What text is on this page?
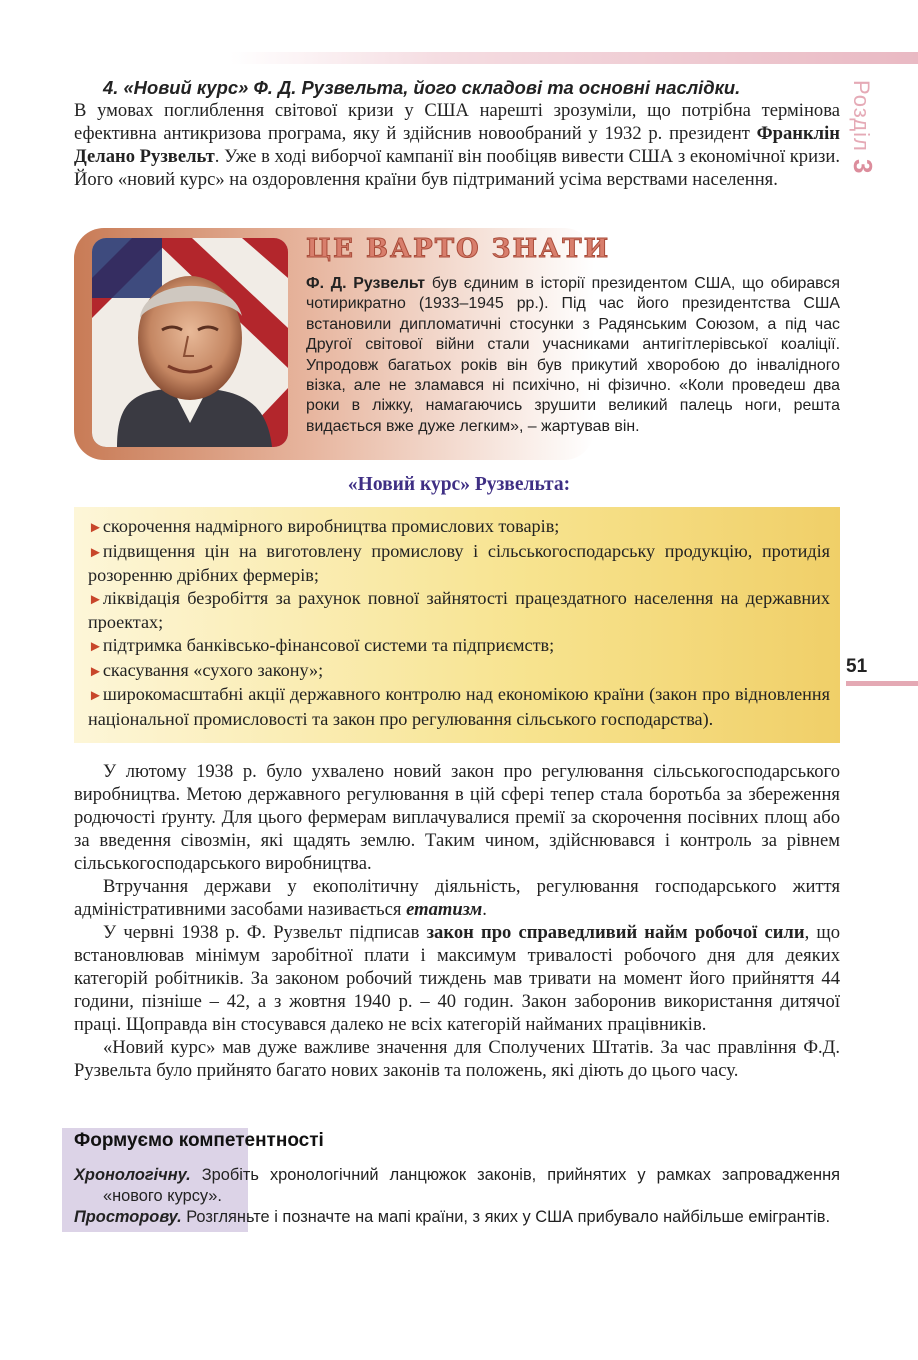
Розділ 3
51

4. «Новий курс» Ф. Д. Рузвельта, його складові та основні наслідки.

В умовах поглиблення світової кризи у США нарешті зрозуміли, що потрібна термінова ефективна антикризова програма, яку й здійснив новообраний у 1932 р. президент Франклін Делано Рузвельт. Уже в ході виборчої кампанії він пообіцяв вивести США з економічної кризи. Його «новий курс» на оздоровлення країни був підтриманий усіма верствами населення.

ЦЕ ВАРТО ЗНАТИ
Ф. Д. Рузвельт був єдиним в історії президентом США, що обирався чотирикратно (1933–1945 рр.). Під час його президентства США встановили дипломатичні стосунки з Радянським Союзом, а під час Другої світової війни стали учасниками антигітлерівської коаліції. Упродовж багатьох років він був прикутий хворобою до інвалідного візка, але не зламався ні психічно, ні фізично. «Коли проведеш два роки в ліжку, намагаючись зрушити великий палець ноги, решта видається вже дуже легким», – жартував він.
«Новий курс» Рузвельта:
►скорочення надмірного виробництва промислових товарів;
►підвищення цін на виготовлену промислову і сільськогосподарську продукцію, протидія розоренню дрібних фермерів;
►ліквідація безробіття за рахунок повної зайнятості працездатного населення на державних проектах;
►підтримка банківсько-фінансової системи та підприємств;
►скасування «сухого закону»;
►широкомасштабні акції державного контролю над економікою країни (закон про відновлення національної промисловості та закон про регулювання сільського господарства).

У лютому 1938 р. було ухвалено новий закон про регулювання сільськогосподарського виробництва. Метою державного регулювання в цій сфері тепер стала боротьба за збереження родючості ґрунту. Для цього фермерам виплачувалися премії за скорочення посівних площ або за введення сівозмін, які щадять землю. Таким чином, здійснювався і контроль за рівнем сільськогосподарського виробництва.

Втручання держави у екополітичну діяльність, регулювання господарського життя адміністративними засобами називається етатизм.

У червні 1938 р. Ф. Рузвельт підписав закон про справедливий найм робочої сили, що встановлював мінімум заробітної плати і максимум тривалості робочого дня для деяких категорій робітників. За законом робочий тиждень мав тривати на момент його прийняття 44 години, пізніше – 42, а з жовтня 1940 р. – 40 годин. Закон заборонив використання дитячої праці. Щоправда він стосувався далеко не всіх категорій найманих працівників.

«Новий курс» мав дуже важливе значення для Сполучених Штатів. За час правління Ф.Д. Рузвельта було прийнято багато нових законів та положень, які діють до цього часу.

Формуємо компетентності

Хронологічну. Зробіть хронологічний ланцюжок законів, прийнятих у рамках запровадження «нового курсу».

Просторову. Розгляньте і позначте на мапі країни, з яких у США прибувало найбільше емігрантів.
